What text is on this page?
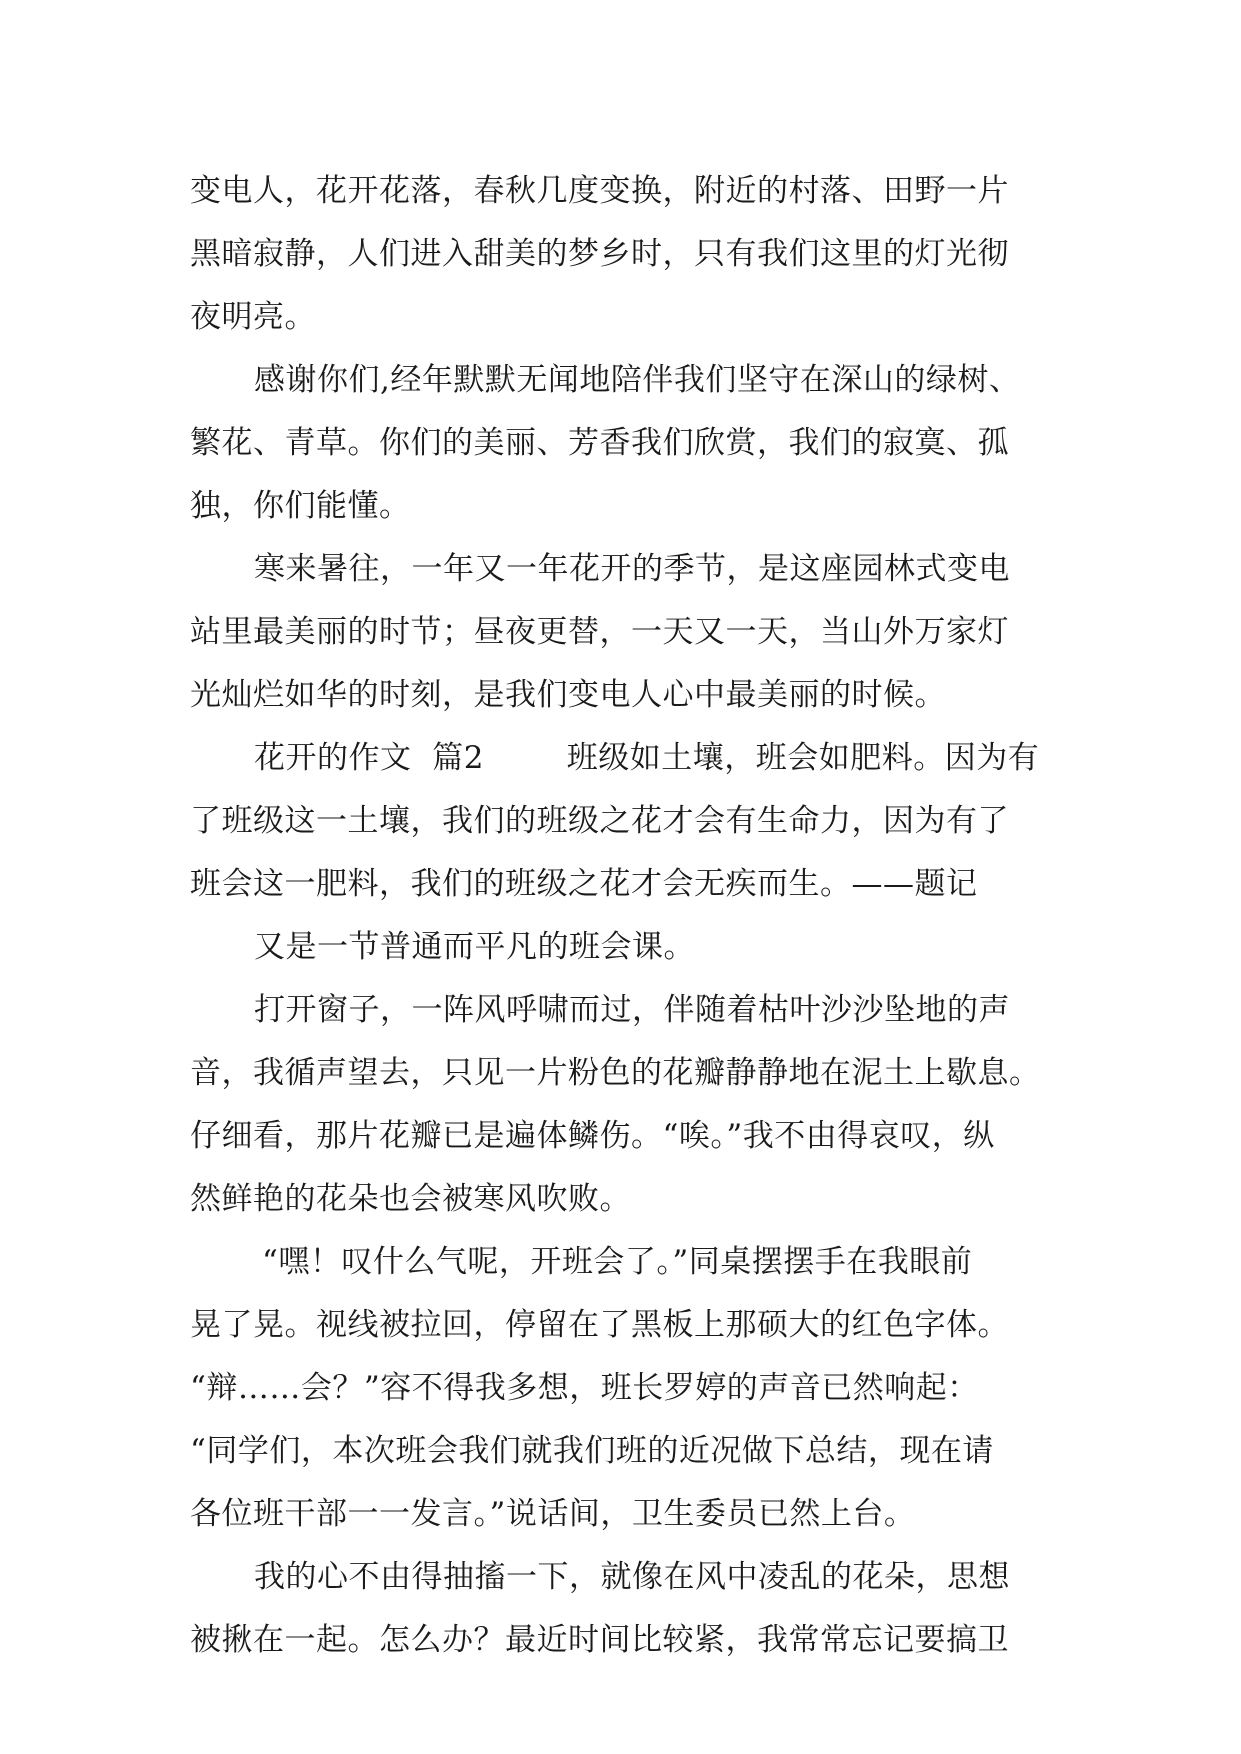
变电人，花开花落，春秋几度变换，附近的村落、田野一片
黑暗寂静，人们进入甜美的梦乡时，只有我们这里的灯光彻
夜明亮。
感谢你们,经年默默无闻地陪伴我们坚守在深山的绿树、
繁花、青草。你们的美丽、芳香我们欣赏，我们的寂寞、孤
独，你们能懂。
寒来暑往，一年又一年花开的季节，是这座园林式变电
站里最美丽的时节；昼夜更替，一天又一天，当山外万家灯
光灿烂如华的时刻，是我们变电人心中最美丽的时候。
花开的作文  篇2        班级如土壤，班会如肥料。因为有
了班级这一土壤，我们的班级之花才会有生命力，因为有了
班会这一肥料，我们的班级之花才会无疾而生。——题记
又是一节普通而平凡的班会课。
打开窗子，一阵风呼啸而过，伴随着枯叶沙沙坠地的声
音，我循声望去，只见一片粉色的花瓣静静地在泥土上歇息。
仔细看，那片花瓣已是遍体鳞伤。“唉。”我不由得哀叹，纵
然鲜艳的花朵也会被寒风吹败。
“嘿！叹什么气呢，开班会了。”同桌摆摆手在我眼前
晃了晃。视线被拉回，停留在了黑板上那硕大的红色字体。
“辩……会？”容不得我多想，班长罗婷的声音已然响起：
“同学们，本次班会我们就我们班的近况做下总结，现在请
各位班干部一一发言。”说话间，卫生委员已然上台。
我的心不由得抽搐一下，就像在风中凌乱的花朵，思想
被揪在一起。怎么办？最近时间比较紧，我常常忘记要搞卫
